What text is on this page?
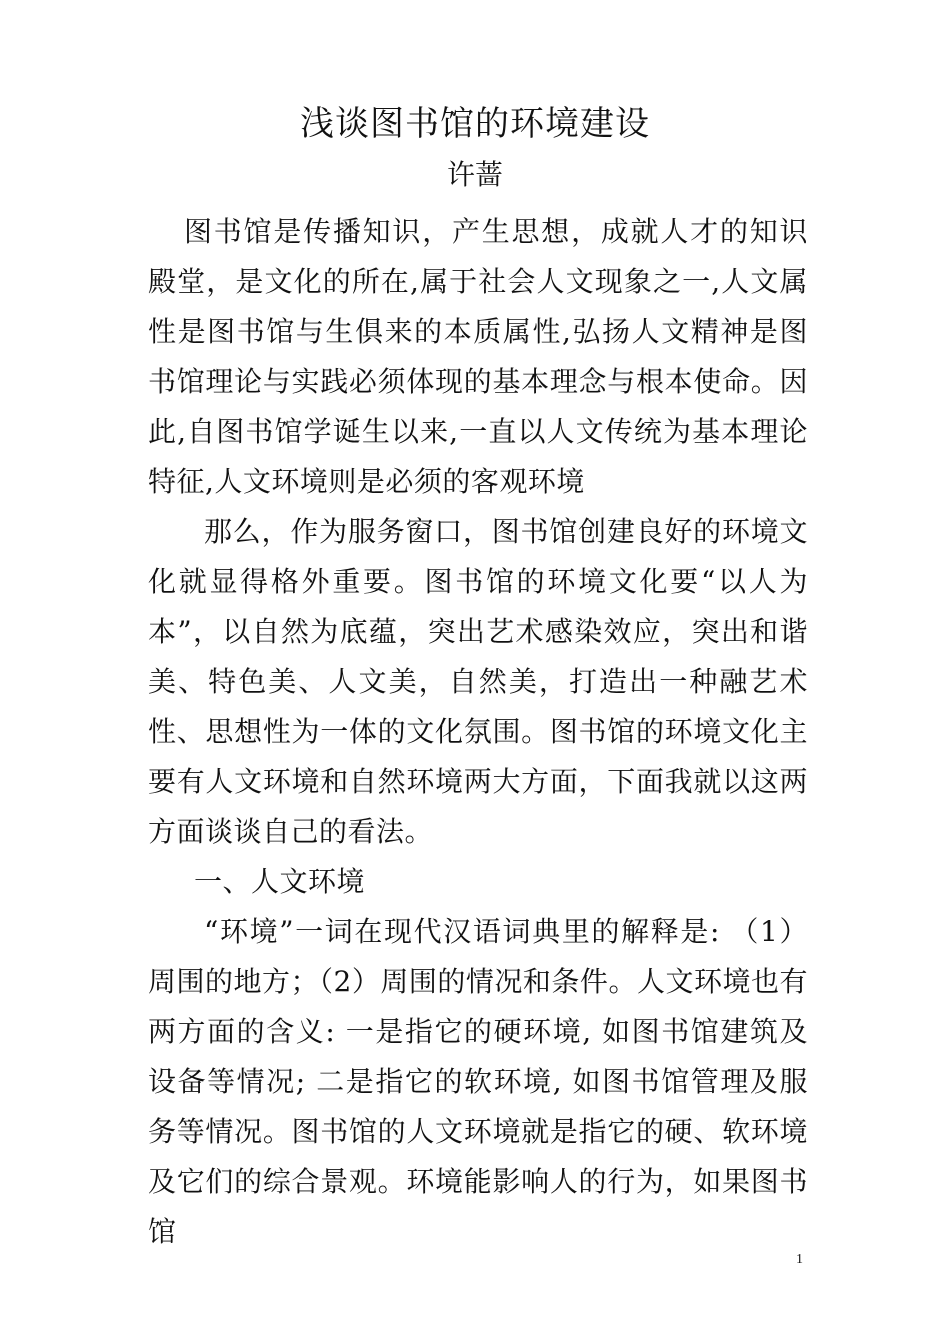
浅谈图书馆的环境建设
许蔷

图书馆是传播知识，产生思想，成就人才的知识殿堂，是文化的所在,属于社会人文现象之一,人文属性是图书馆与生俱来的本质属性,弘扬人文精神是图书馆理论与实践必须体现的基本理念与根本使命。因此,自图书馆学诞生以来,一直以人文传统为基本理论特征,人文环境则是必须的客观环境

那么，作为服务窗口，图书馆创建良好的环境文化就显得格外重要。图书馆的环境文化要“以人为本”，以自然为底蕴，突出艺术感染效应，突出和谐美、特色美、人文美，自然美，打造出一种融艺术性、思想性为一体的文化氛围。图书馆的环境文化主要有人文环境和自然环境两大方面，下面我就以这两方面谈谈自己的看法。

一、人文环境

“环境”一词在现代汉语词典里的解释是: （1）周围的地方；（2）周围的情况和条件。人文环境也有两方面的含义: 一是指它的硬环境, 如图书馆建筑及设备等情况; 二是指它的软环境, 如图书馆管理及服务等情况。图书馆的人文环境就是指它的硬、软环境及它们的综合景观。环境能影响人的行为，如果图书馆

1
